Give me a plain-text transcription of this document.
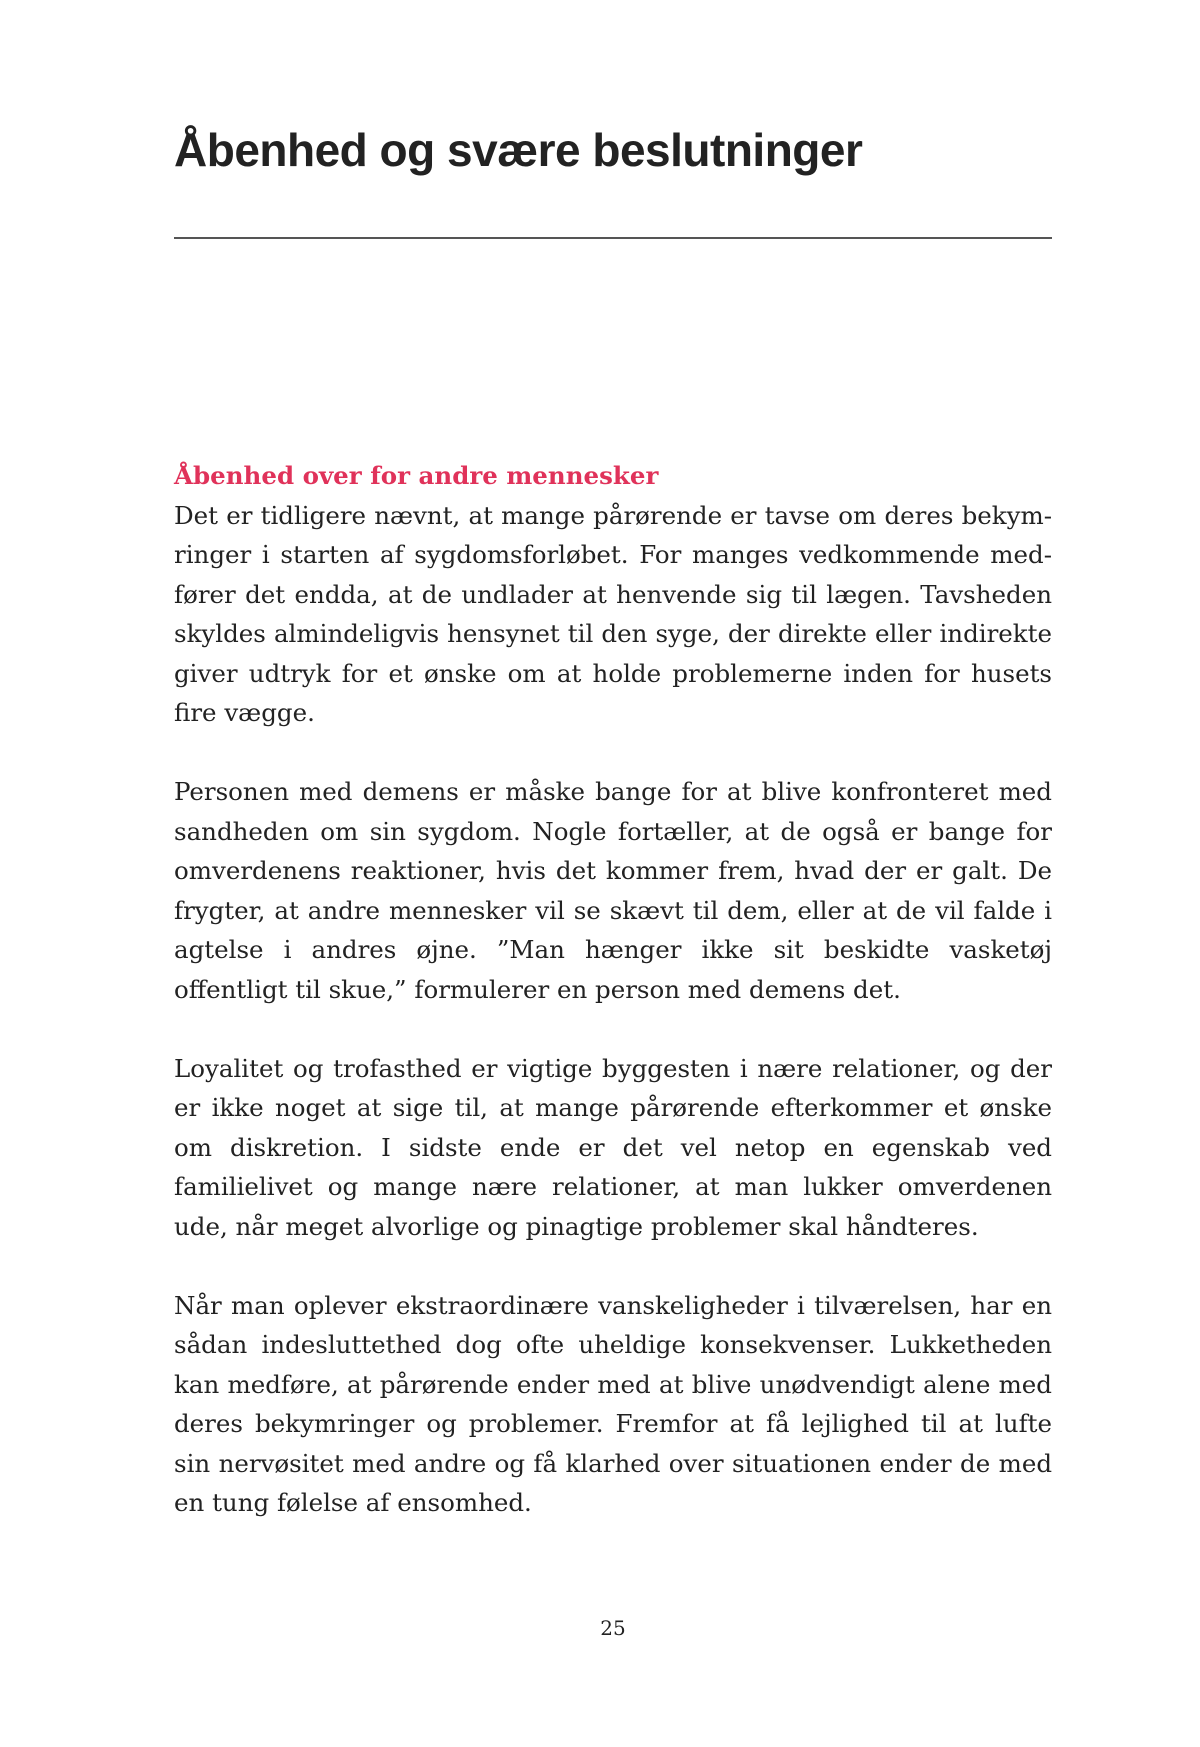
Åbenhed og svære beslutninger
Åbenhed over for andre mennesker

Det er tidligere nævnt, at mange pårørende er tavse om deres bekymringer i starten af sygdomsforløbet. For manges vedkommende medfører det endda, at de undlader at henvende sig til lægen. Tavsheden skyldes almindeligvis hensynet til den syge, der direkte eller indirekte giver udtryk for et ønske om at holde problemerne inden for husets fire vægge.

Personen med demens er måske bange for at blive konfronteret med sandheden om sin sygdom. Nogle fortæller, at de også er bange for omverdenens reaktioner, hvis det kommer frem, hvad der er galt. De frygter, at andre mennesker vil se skævt til dem, eller at de vil falde i agtelse i andres øjne. ”Man hænger ikke sit beskidte vasketøj offentligt til skue,” formulerer en person med demens det.

Loyalitet og trofasthed er vigtige byggesten i nære relationer, og der er ikke noget at sige til, at mange pårørende efterkommer et ønske om diskretion. I sidste ende er det vel netop en egenskab ved familielivet og mange nære relationer, at man lukker omverdenen ude, når meget alvorlige og pinagtige problemer skal håndteres.

Når man oplever ekstraordinære vanskeligheder i tilværelsen, har en sådan indesluttethed dog ofte uheldige konsekvenser. Lukketheden kan medføre, at pårørende ender med at blive unødvendigt alene med deres bekymringer og problemer. Fremfor at få lejlighed til at lufte sin nervøsitet med andre og få klarhed over situationen ender de med en tung følelse af ensomhed.

25
